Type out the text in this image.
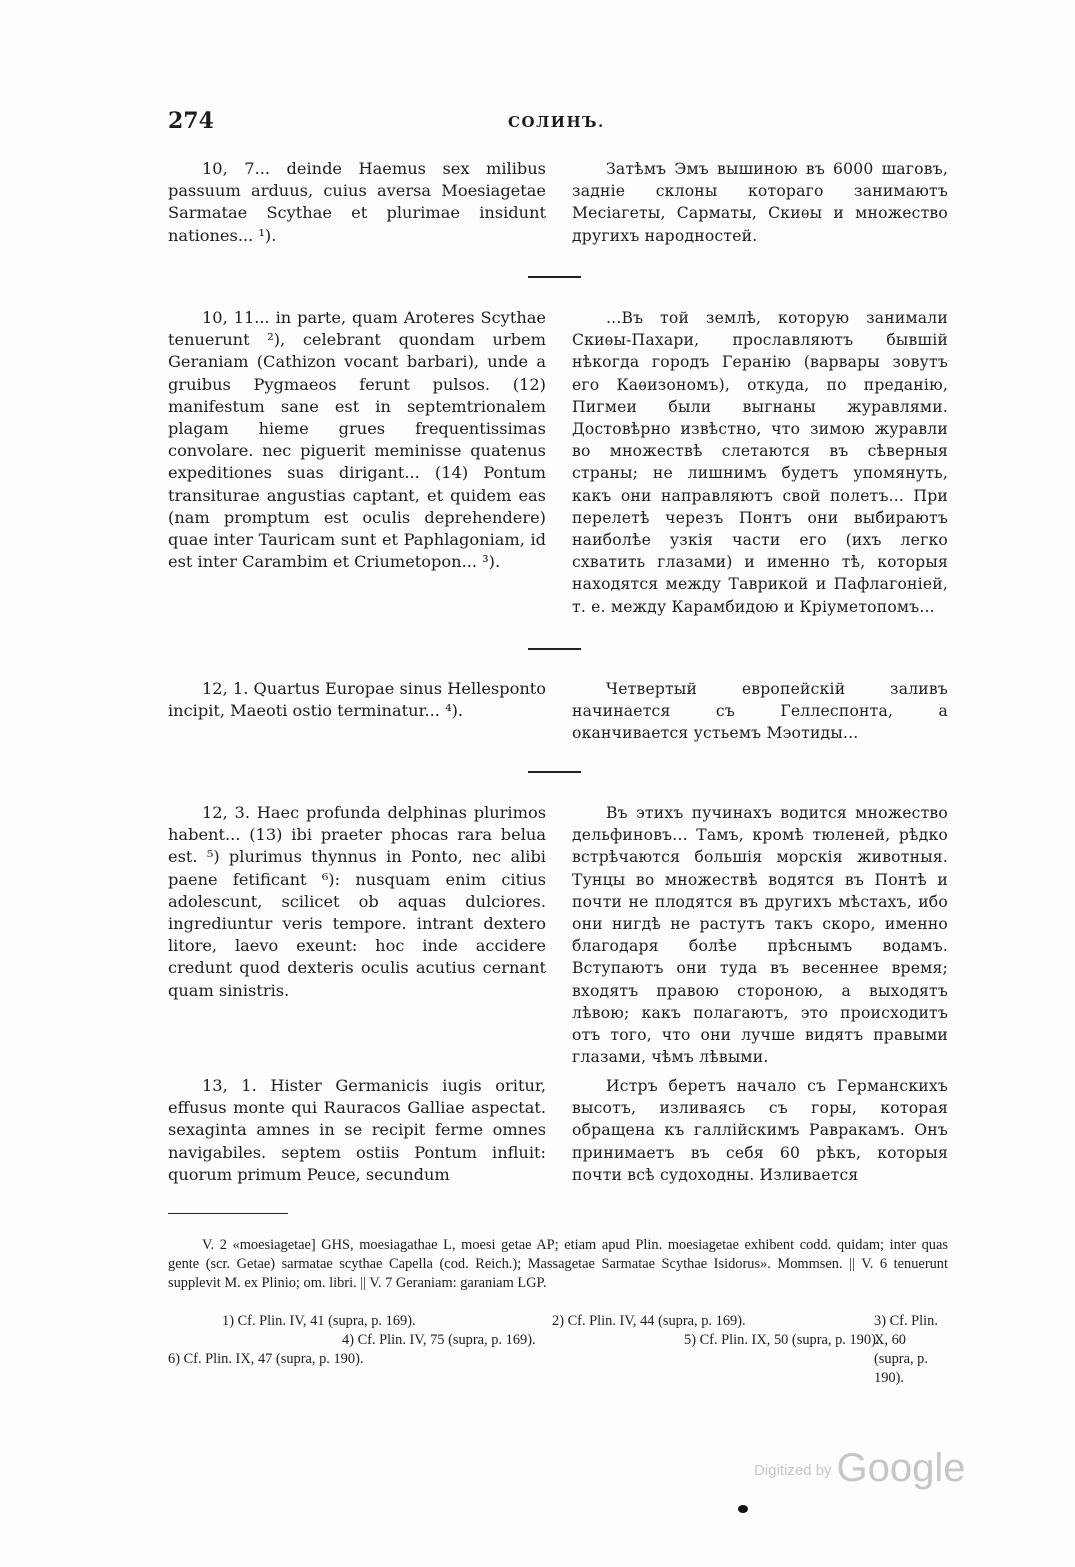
274	СОЛИНЪ.

10, 7... deinde Haemus sex milibus passuum arduus, cuius aversa Moesiagetae Sarmatae Scythae et plurimae insidunt nationes... ¹).

Затѣмъ Эмъ вышиною въ 6000 шаговъ, задніе склоны котораго занимаютъ Месіагеты, Сарматы, Скиѳы и множество другихъ народностей.

10, 11... in parte, quam Aroteres Scythae tenuerunt ²), celebrant quondam urbem Geraniam (Cathizon vocant barbari), unde a gruibus Pygmaeos ferunt pulsos. (12) manifestum sane est in septemtrionalem plagam hieme grues frequentissimas convolare. nec piguerit meminisse quatenus expeditiones suas dirigant... (14) Pontum transiturae angustias captant, et quidem eas (nam promptum est oculis deprehendere) quae inter Tauricam sunt et Paphlagoniam, id est inter Carambim et Criumetopon... ³).

...Въ той землѣ, которую занимали Скиѳы-Пахари, прославляютъ бывшій нѣкогда городъ Геранію (варвары зовутъ его Каѳизономъ), откуда, по преданію, Пигмеи были выгнаны журавлями. Достовѣрно извѣстно, что зимою журавли во множествѣ слетаются въ сѣверныя страны; не лишнимъ будетъ упомянуть, какъ они направляютъ свой полетъ... При перелетѣ черезъ Понтъ они выбираютъ наиболѣе узкія части его (ихъ легко схватить глазами) и именно тѣ, которыя находятся между Таврикой и Пафлагоніей, т. е. между Карамбидою и Кріуметопомъ...

12, 1. Quartus Europae sinus Hellesponto incipit, Maeoti ostio terminatur... ⁴).

Четвертый европейскій заливъ начинается съ Геллеспонта, а оканчивается устьемъ Мэотиды...

12, 3. Haec profunda delphinas plurimos habent... (13) ibi praeter phocas rara belua est. ⁵) plurimus thynnus in Ponto, nec alibi paene fetificant ⁶): nusquam enim citius adolescunt, scilicet ob aquas dulciores. ingrediuntur veris tempore. intrant dextero litore, laevo exeunt: hoc inde accidere credunt quod dexteris oculis acutius cernant quam sinistris.

Въ этихъ пучинахъ водится множество дельфиновъ... Тамъ, кромѣ тюленей, рѣдко встрѣчаются большія морскія животныя. Тунцы во множествѣ водятся въ Понтѣ и почти не плодятся въ другихъ мѣстахъ, ибо они нигдѣ не растутъ такъ скоро, именно благодаря болѣе прѣснымъ водамъ. Вступаютъ они туда въ весеннее время; входятъ правою стороною, а выходятъ лѣвою; какъ полагаютъ, это происходитъ отъ того, что они лучше видятъ правыми глазами, чѣмъ лѣвыми.

13, 1. Hister Germanicis iugis oritur, effusus monte qui Rauracos Galliae aspectat. sexaginta amnes in se recipit ferme omnes navigabiles. septem ostiis Pontum influit: quorum primum Peuce, secundum

Истръ беретъ начало съ Германскихъ высотъ, изливаясь съ горы, которая обращена къ галлійскимъ Равракамъ. Онъ принимаетъ въ себя 60 рѣкъ, которыя почти всѣ судоходны. Изливается

V. 2 «moesiagetae] GHS, moesiagathae L, moesi getae AP; etiam apud Plin. moesiagetae exhibent codd. quidam; inter quas gente (scr. Getae) sarmatae scythae Capella (cod. Reich.); Massagetae Sarmatae Scythae Isidorus». Mommsen. || V. 6 tenuerunt supplevit M. ex Plinio; om. libri. || V. 7 Geraniam: garaniam LGP.

1) Cf. Plin. IV, 41 (supra, p. 169).	2) Cf. Plin. IV, 44 (supra, p. 169).	3) Cf. Plin. X, 60 (supra, p. 190).
4) Cf. Plin. IV, 75 (supra, p. 169).	5) Cf. Plin. IX, 50 (supra, p. 190).
6) Cf. Plin. IX, 47 (supra, p. 190).
Digitized by Google
